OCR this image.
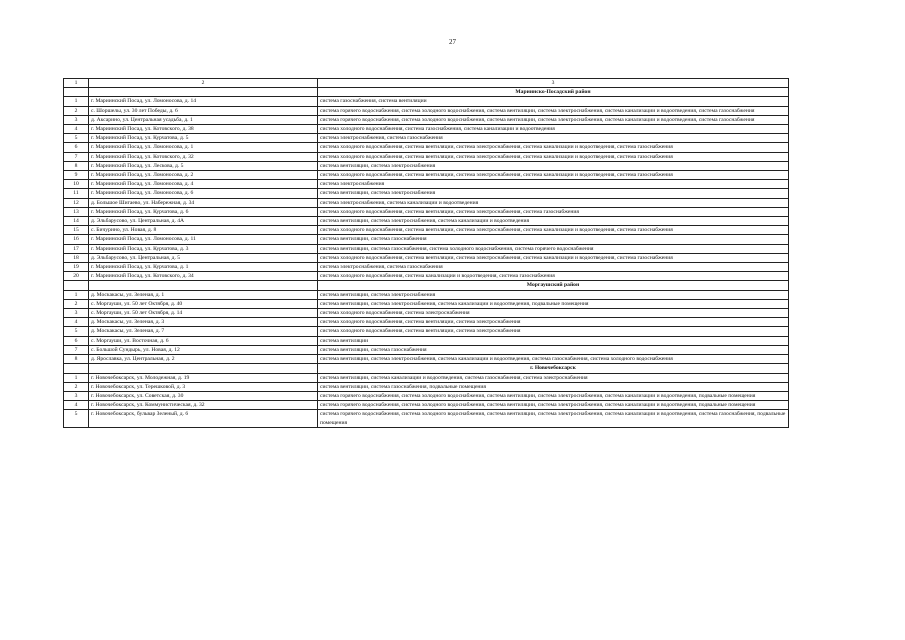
27
1	2	3
		Мариинско-Посадский район
1	г. Мариинский Посад, ул. Ломоносова, д. 14	система газоснабжения, система вентиляции
2	с. Шоршелы, ул. 30 лет Победы, д. 6	система горячего водоснабжения, система холодного водоснабжения, система вентиляции, система электроснабжения, система канализации и водоотведения, система газоснабжения
3	д. Аксарино, ул. Центральная усадьба, д. 1	система горячего водоснабжения, система холодного водоснабжения, система вентиляции, система электроснабжения, система канализации и водоотведения, система газоснабжения
4	г. Мариинский Посад, ул. Котовского, д. 38	система холодного водоснабжения, система газоснабжения, система канализации и водоотведения
5	г. Мариинский Посад, ул. Курчатова, д. 5	система электроснабжения, система газоснабжения
6	г. Мариинский Посад, ул. Ломоносова, д. 1	система холодного водоснабжения, система вентиляции, система электроснабжения, система канализации и водоотведения, система газоснабжения
7	г. Мариинский Посад, ул. Котовского, д. 32	система холодного водоснабжения, система вентиляции, система электроснабжения, система канализации и водоотведения, система газоснабжения
8	г. Мариинский Посад, ул. Лескова, д. 5	система вентиляции, система электроснабжения
9	г. Мариинский Посад, ул. Ломоносова, д. 2	система холодного водоснабжения, система вентиляции, система электроснабжения, система канализации и водоотведения, система газоснабжения
10	г. Мариинский Посад, ул. Ломоносова, д. 4	система электроснабжения
11	г. Мариинский Посад, ул. Ломоносова, д. 6	система вентиляции, система электроснабжения
12	д. Большое Шигаево, ул. Набережная, д. 34	система электроснабжения, система канализации и водоотведения
13	г. Мариинский Посад, ул. Курчатова, д. 6	система холодного водоснабжения, система вентиляции, система электроснабжения, система газоснабжения
14	д. Эльбарусово, ул. Центральная, д. 4А	система вентиляции, система электроснабжения, система канализации и водоотведения
15	с. Бичурино, ул. Новая, д. 8	система холодного водоснабжения, система вентиляции, система электроснабжения, система канализации и водоотведения, система газоснабжения
16	г. Мариинский Посад, ул. Ломоносова, д. 11	система вентиляции, система газоснабжения
17	г. Мариинский Посад, ул. Курчатова, д. 3	система вентиляции, система газоснабжения, система холодного водоснабжения, система горячего водоснабжения
18	д. Эльбарусово, ул. Центральная, д. 5	система холодного водоснабжения, система вентиляции, система электроснабжения, система канализации и водоотведения, система газоснабжения
19	г. Мариинский Посад, ул. Курчатова, д. 1	система электроснабжения, система газоснабжения
20	г. Мариинский Посад, ул. Котовского, д. 34	система холодного водоснабжения, система канализации и водоотведения, система газоснабжения
		Моргаушский район
1	д. Москакасы, ул. Зеленая, д. 1	система вентиляции, система электроснабжения
2	с. Моргауши, ул. 50 лет Октября, д. 40	система вентиляции, система электроснабжения, система канализации и водоотведения, подвальные помещения
3	с. Моргауши, ул. 50 лет Октября, д. 14	система холодного водоснабжения, система электроснабжения
4	д. Москакасы, ул. Зеленая, д. 3	система холодного водоснабжения, система вентиляции, система электроснабжения
5	д. Москакасы, ул. Зеленая, д. 7	система холодного водоснабжения, система вентиляции, система электроснабжения
6	с. Моргауши, ул. Восточная, д. 6	система вентиляции
7	с. Большой Сундырь, ул. Новая, д. 12	система вентиляции, система газоснабжения
8	д. Ярославка, ул. Центральная, д. 2	система вентиляции, система электроснабжения, система канализации и водоотведения, система газоснабжения, система холодного водоснабжения
		г. Новочебоксарск
1	г. Новочебоксарск, ул. Молодежная, д. 19	система вентиляции, система канализации и водоотведения, система газоснабжения, система электроснабжения
2	г. Новочебоксарск, ул. Терешковой, д. 3	система вентиляции, система газоснабжения, подвальные помещения
3	г. Новочебоксарск, ул. Советская, д. 30	система горячего водоснабжения, система холодного водоснабжения, система вентиляции, система электроснабжения, система канализации и водоотведения, подвальные помещения
4	г. Новочебоксарск, ул. Коммунистическая, д. 32	система горячего водоснабжения, система холодного водоснабжения, система вентиляции, система электроснабжения, система канализации и водоотведения, подвальные помещения
5	г. Новочебоксарск, бульвар Зеленый, д. 6	система горячего водоснабжения, система холодного водоснабжения, система вентиляции, система электроснабжения, система канализации и водоотведения, система газоснабжения, подвальные помещения
